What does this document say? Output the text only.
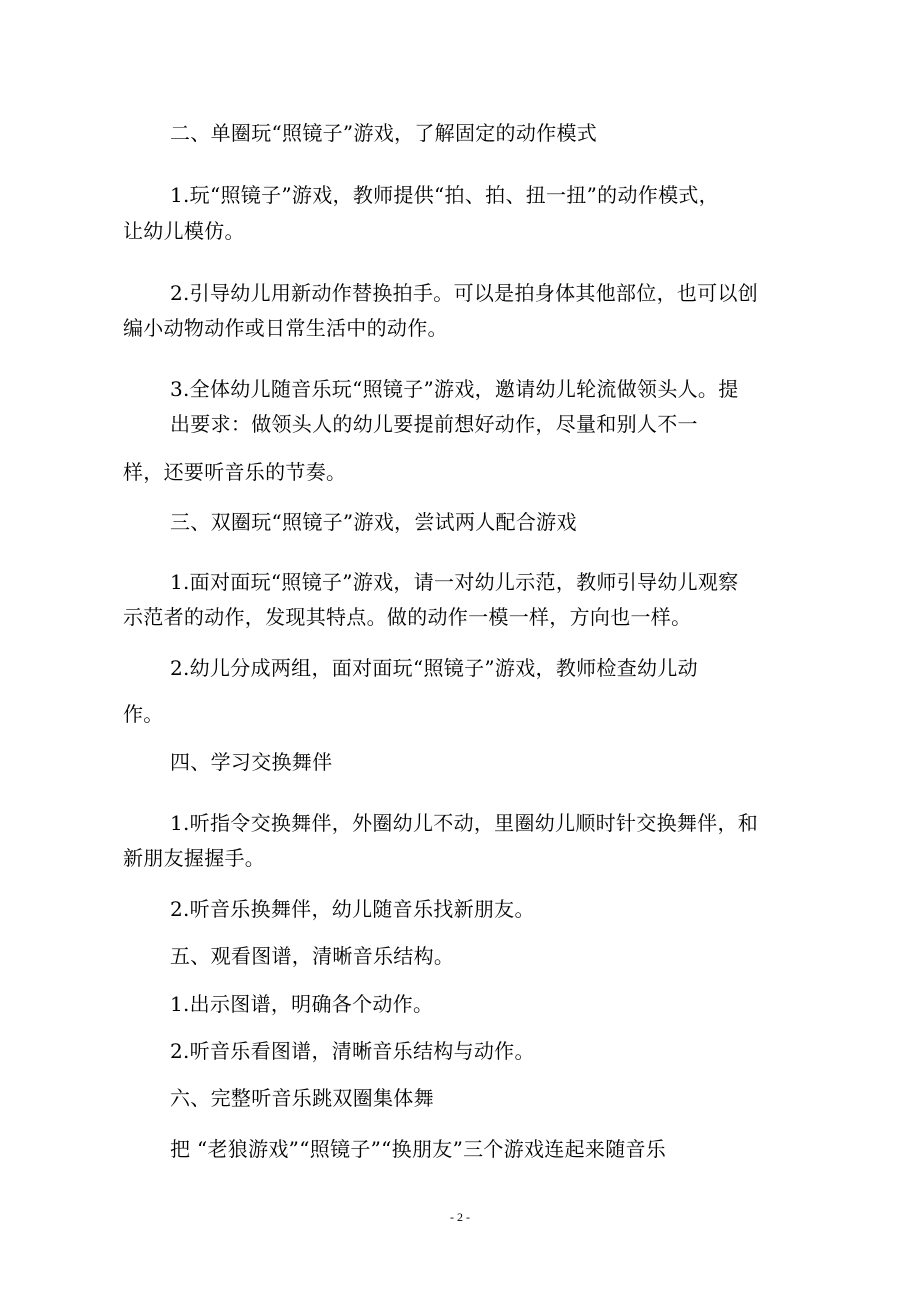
二、单圈玩“照镜子”游戏，了解固定的动作模式
1.玩“照镜子”游戏，教师提供“拍、拍、扭一扭”的动作模式，
让幼儿模仿。
2.引导幼儿用新动作替换拍手。可以是拍身体其他部位，也可以创
编小动物动作或日常生活中的动作。
3.全体幼儿随音乐玩“照镜子”游戏，邀请幼儿轮流做领头人。提
出要求：做领头人的幼儿要提前想好动作，尽量和别人不一
样，还要听音乐的节奏。
三、双圈玩“照镜子”游戏，尝试两人配合游戏
1.面对面玩“照镜子”游戏，请一对幼儿示范，教师引导幼儿观察
示范者的动作，发现其特点。做的动作一模一样，方向也一样。
2.幼儿分成两组，面对面玩“照镜子”游戏，教师检查幼儿动
作。
四、学习交换舞伴
1.听指令交换舞伴，外圈幼儿不动，里圈幼儿顺时针交换舞伴，和
新朋友握握手。
2.听音乐换舞伴，幼儿随音乐找新朋友。
五、观看图谱，清晰音乐结构。
1.出示图谱，明确各个动作。
2.听音乐看图谱，清晰音乐结构与动作。
六、完整听音乐跳双圈集体舞
把 “老狼游戏”“照镜子”“换朋友”三个游戏连起来随音乐
- 2 -
